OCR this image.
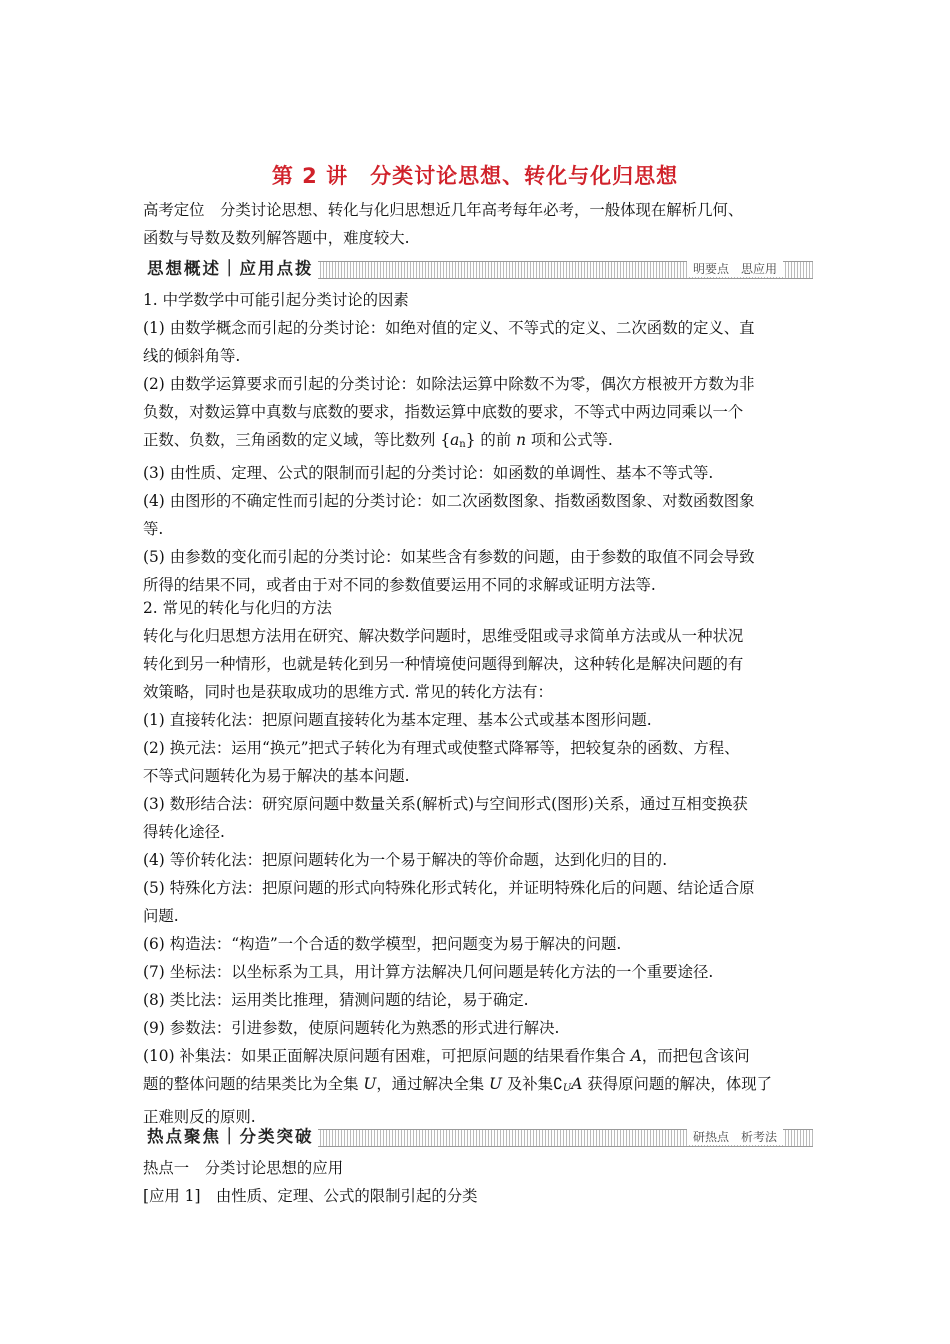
第 2 讲　分类讨论思想、转化与化归思想

高考定位　分类讨论思想、转化与化归思想近几年高考每年必考，一般体现在解析几何、

函数与导数及数列解答题中，难度较大.

思想概述｜应用点拨	明要点　思应用

1. 中学数学中可能引起分类讨论的因素

(1) 由数学概念而引起的分类讨论：如绝对值的定义、不等式的定义、二次函数的定义、直

线的倾斜角等.

(2) 由数学运算要求而引起的分类讨论：如除法运算中除数不为零，偶次方根被开方数为非

负数，对数运算中真数与底数的要求，指数运算中底数的要求，不等式中两边同乘以一个

正数、负数，三角函数的定义域，等比数列 $\{a_n\}$ 的前 n 项和公式等.

(3) 由性质、定理、公式的限制而引起的分类讨论：如函数的单调性、基本不等式等.

(4) 由图形的不确定性而引起的分类讨论：如二次函数图象、指数函数图象、对数函数图象

等.

(5) 由参数的变化而引起的分类讨论：如某些含有参数的问题，由于参数的取值不同会导致

所得的结果不同，或者由于对不同的参数值要运用不同的求解或证明方法等.

2. 常见的转化与化归的方法

转化与化归思想方法用在研究、解决数学问题时，思维受阻或寻求简单方法或从一种状况

转化到另一种情形，也就是转化到另一种情境使问题得到解决，这种转化是解决问题的有

效策略，同时也是获取成功的思维方式. 常见的转化方法有：

(1) 直接转化法：把原问题直接转化为基本定理、基本公式或基本图形问题.

(2) 换元法：运用“换元”把式子转化为有理式或使整式降幂等，把较复杂的函数、方程、

不等式问题转化为易于解决的基本问题.

(3) 数形结合法：研究原问题中数量关系(解析式)与空间形式(图形)关系，通过互相变换获

得转化途径.

(4) 等价转化法：把原问题转化为一个易于解决的等价命题，达到化归的目的.

(5) 特殊化方法：把原问题的形式向特殊化形式转化，并证明特殊化后的问题、结论适合原

问题.

(6) 构造法：“构造”一个合适的数学模型，把问题变为易于解决的问题.

(7) 坐标法：以坐标系为工具，用计算方法解决几何问题是转化方法的一个重要途径.

(8) 类比法：运用类比推理，猜测问题的结论，易于确定.

(9) 参数法：引进参数，使原问题转化为熟悉的形式进行解决.

(10) 补集法：如果正面解决原问题有困难，可把原问题的结果看作集合 A，而把包含该问

题的整体问题的结果类比为全集 U，通过解决全集 U 及补集$∁_UA$ 获得原问题的解决，体现了

正难则反的原则.

热点聚焦｜分类突破	研热点　析考法

热点一　分类讨论思想的应用

[应用 1]　由性质、定理、公式的限制引起的分类
